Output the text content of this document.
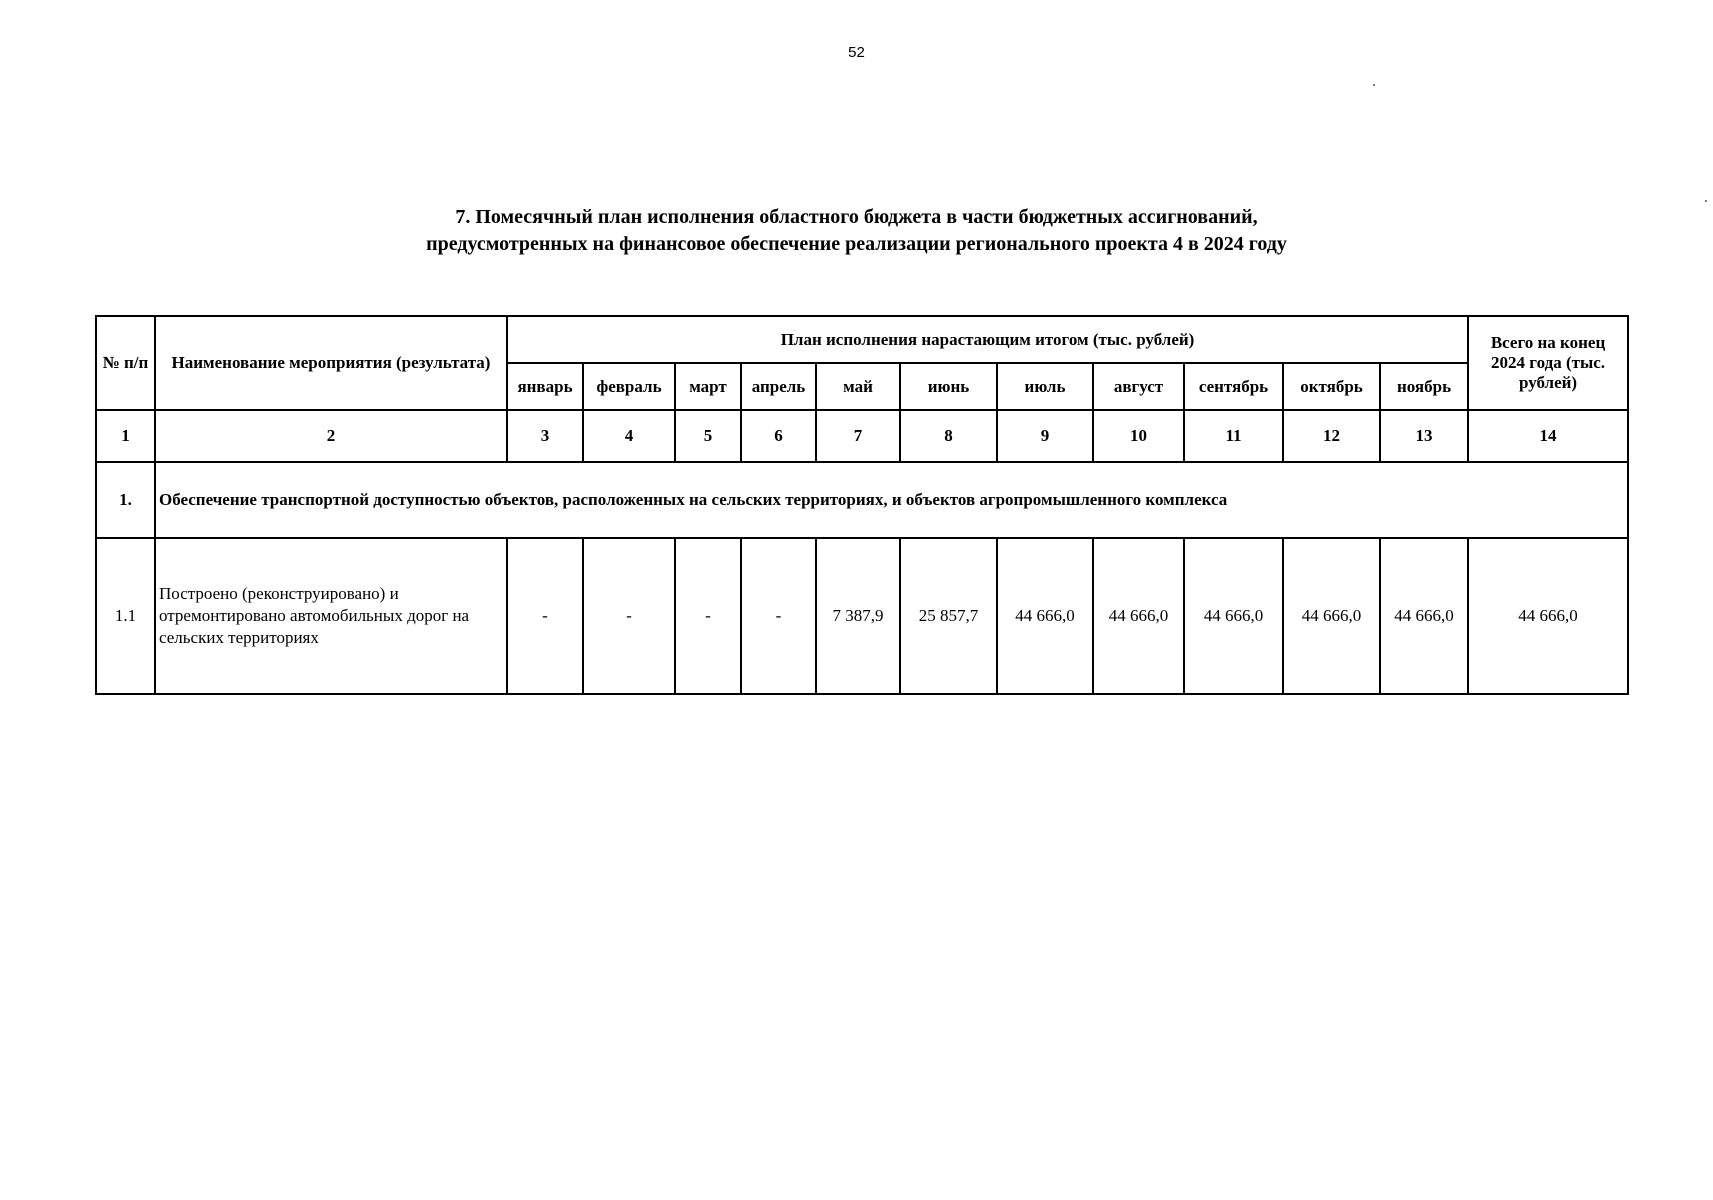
52
7. Помесячный план исполнения областного бюджета в части бюджетных ассигнований,
предусмотренных на финансовое обеспечение реализации регионального проекта 4 в 2024 году
№ п/п	Наименование мероприятия (результата)	План исполнения нарастающим итогом (тыс. рублей)											Всего на конец 2024 года (тыс. рублей)
		январь	февраль	март	апрель	май	июнь	июль	август	сентябрь	октябрь	ноябрь	
1	2	3	4	5	6	7	8	9	10	11	12	13	14
1.	Обеспечение транспортной доступностью объектов, расположенных на сельских территориях, и объектов агропромышленного комплекса												
1.1	Построено (реконструировано) и отремонтировано автомобильных дорог на сельских территориях	-	-	-	-	7 387,9	25 857,7	44 666,0	44 666,0	44 666,0	44 666,0	44 666,0	44 666,0
